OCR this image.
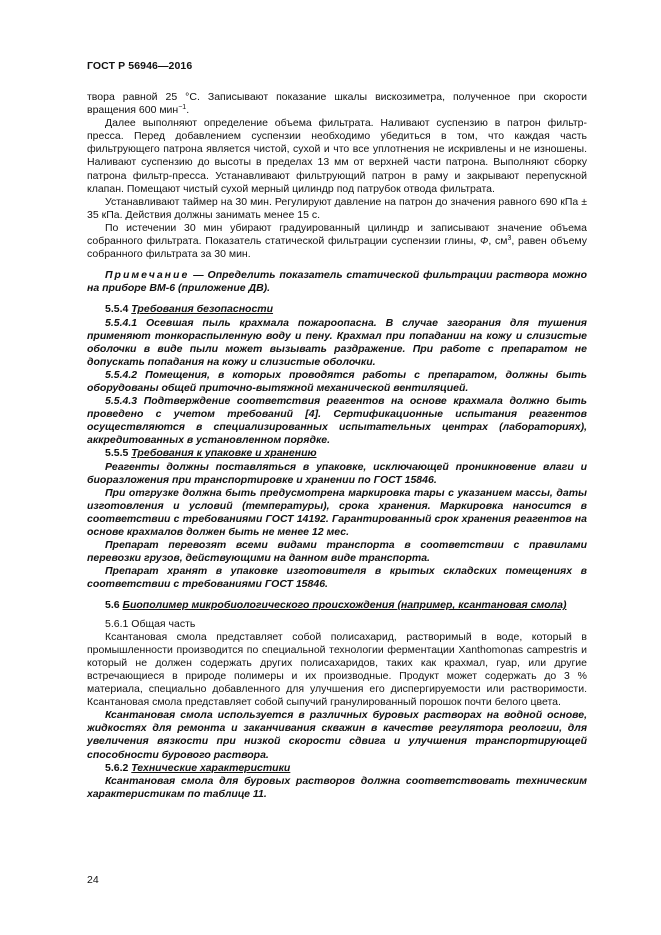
ГОСТ Р 56946—2016

твора равной 25 °С. Записывают показание шкалы вискозиметра, полученное при скорости вращения 600 мин$^{-1}$.

Далее выполняют определение объема фильтрата. Наливают суспензию в патрон фильтр-пресса. Перед добавлением суспензии необходимо убедиться в том, что каждая часть фильтрующего патрона является чистой, сухой и что все уплотнения не искривлены и не изношены. Наливают суспензию до высоты в пределах 13 мм от верхней части патрона. Выполняют сборку патрона фильтр-пресса. Устанавливают фильтрующий патрон в раму и закрывают перепускной клапан. Помещают чистый сухой мерный цилиндр под патрубок отвода фильтрата.

Устанавливают таймер на 30 мин. Регулируют давление на патрон до значения равного 690 кПа ± 35 кПа. Действия должны занимать менее 15 с.

По истечении 30 мин убирают градуированный цилиндр и записывают значение объема собранного фильтрата. Показатель статической фильтрации суспензии глины, Ф, $см^3$, равен объему собранного фильтрата за 30 мин.

Примечание — Определить показатель статической фильтрации раствора можно на приборе ВМ-6 (приложение ДВ).

5.5.4 Требования безопасности

5.5.4.1 Осевшая пыль крахмала пожароопасна. В случае загорания для тушения применяют тонкораспыленную воду и пену. Крахмал при попадании на кожу и слизистые оболочки в виде пыли может вызывать раздражение. При работе с препаратом не допускать попадания на кожу и слизистые оболочки.

5.5.4.2 Помещения, в которых проводятся работы с препаратом, должны быть оборудованы общей приточно-вытяжной механической вентиляцией.

5.5.4.3 Подтверждение соответствия реагентов на основе крахмала должно быть проведено с учетом требований [4]. Сертификационные испытания реагентов осуществляются в специализированных испытательных центрах (лабораториях), аккредитованных в установленном порядке.

5.5.5 Требования к упаковке и хранению

Реагенты должны поставляться в упаковке, исключающей проникновение влаги и биоразложения при транспортировке и хранении по ГОСТ 15846.

При отгрузке должна быть предусмотрена маркировка тары с указанием массы, даты изготовления и условий (температуры), срока хранения. Маркировка наносится в соответствии с требованиями ГОСТ 14192. Гарантированный срок хранения реагентов на основе крахмалов должен быть не менее 12 мес.

Препарат перевозят всеми видами транспорта в соответствии с правилами перевозки грузов, действующими на данном виде транспорта.

Препарат хранят в упаковке изготовителя в крытых складских помещениях в соответствии с требованиями ГОСТ 15846.

5.6 Биополимер микробиологического происхождения (например, ксантановая смола)

5.6.1 Общая часть

Ксантановая смола представляет собой полисахарид, растворимый в воде, который в промышленности производится по специальной технологии ферментации Xanthomonas campestris и который не должен содержать других полисахаридов, таких как крахмал, гуар, или другие встречающиеся в природе полимеры и их производные. Продукт может содержать до 3 % материала, специально добавленного для улучшения его диспергируемости или растворимости. Ксантановая смола представляет собой сыпучий гранулированный порошок почти белого цвета.

Ксантановая смола используется в различных буровых растворах на водной основе, жидкостях для ремонта и заканчивания скважин в качестве регулятора реологии, для увеличения вязкости при низкой скорости сдвига и улучшения транспортирующей способности бурового раствора.

5.6.2 Технические характеристики

Ксантановая смола для буровых растворов должна соответствовать техническим характеристикам по таблице 11.

24
